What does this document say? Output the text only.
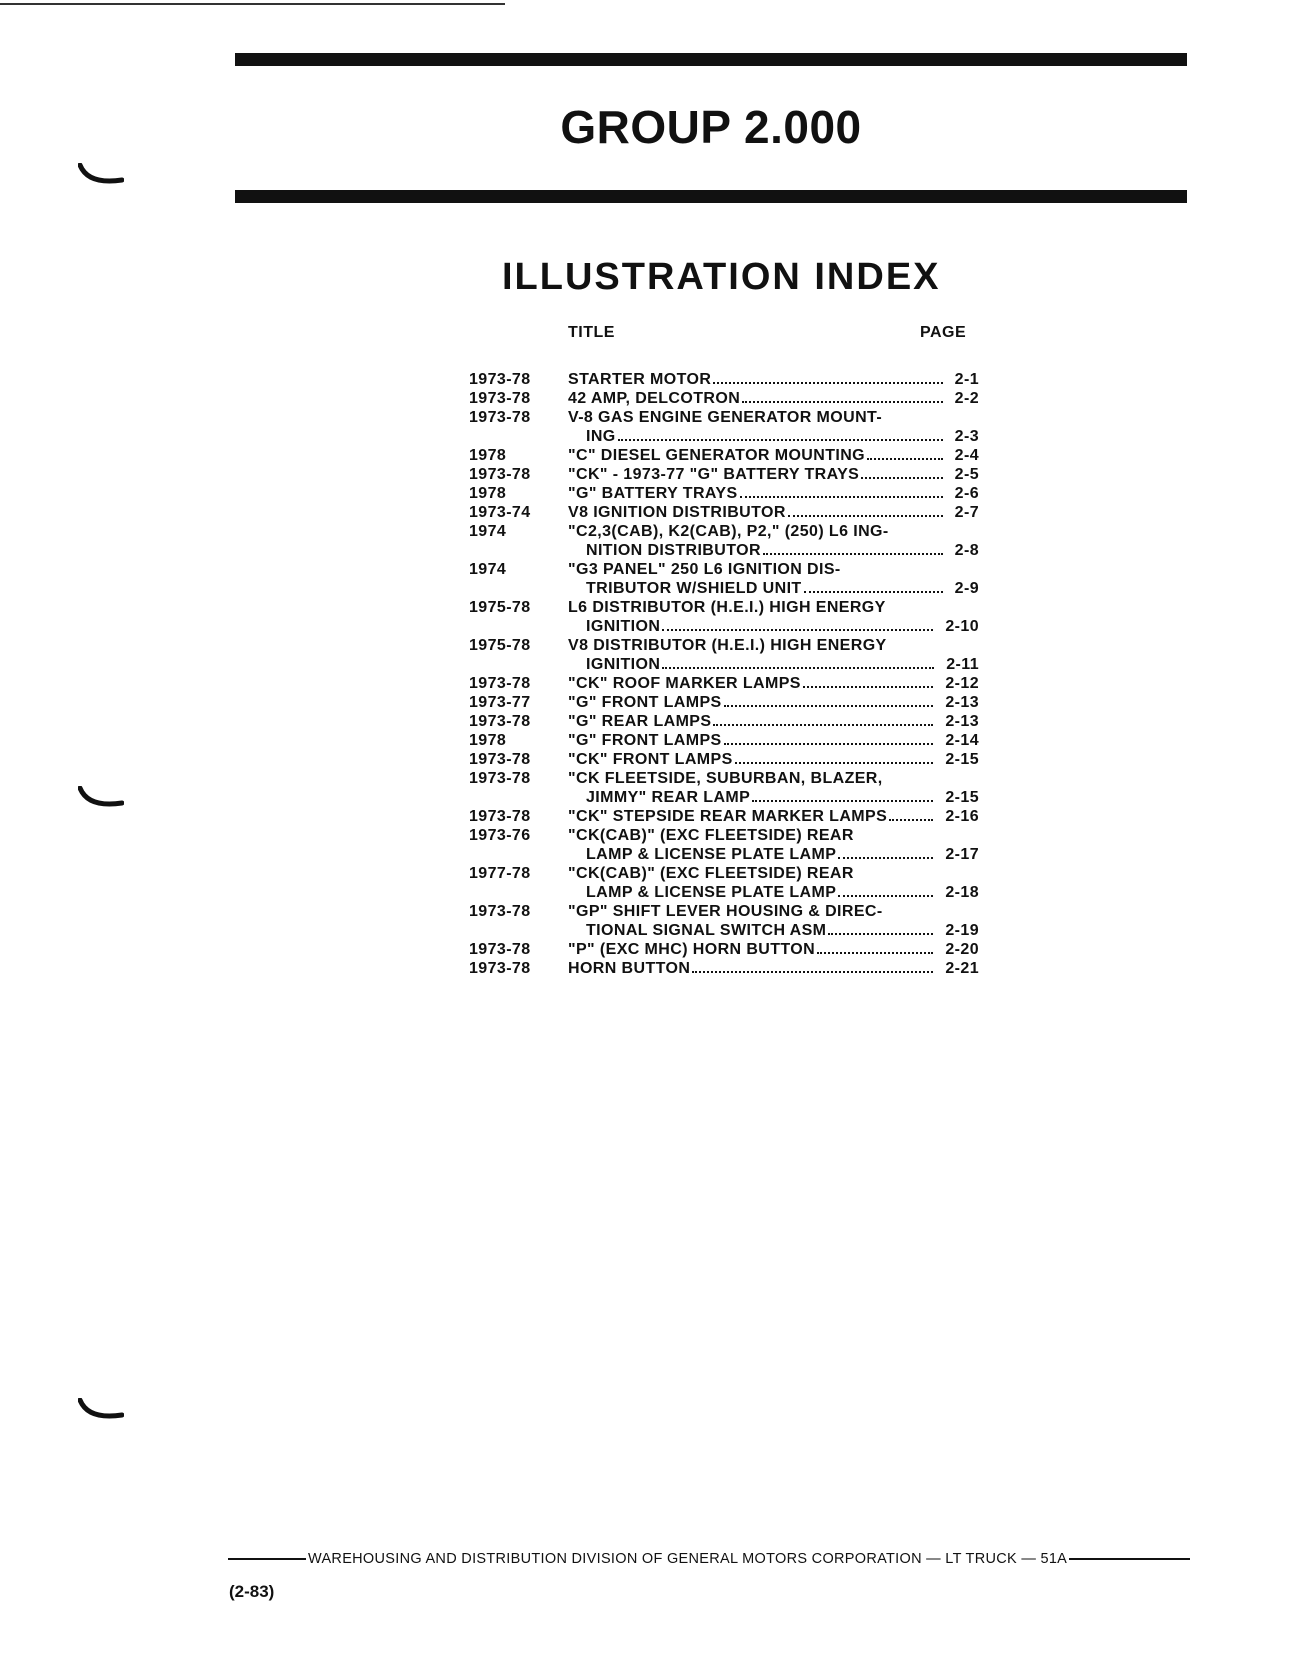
GROUP 2.000
ILLUSTRATION INDEX
TITLE	PAGE
1973-78 STARTER MOTOR	2-1
1973-78 42 AMP, DELCOTRON	2-2
1973-78 V-8 GAS ENGINE GENERATOR MOUNT-
ING	2-3
1978	"C" DIESEL GENERATOR MOUNTING	2-4
1973-78 "CK" - 1973-77 "G" BATTERY TRAYS	2-5
1978	"G" BATTERY TRAYS	2-6
1973-74 V8 IGNITION DISTRIBUTOR	2-7
1974	"C2,3(CAB), K2(CAB), P2," (250) L6 ING-
NITION DISTRIBUTOR	2-8
1974	"G3 PANEL" 250 L6 IGNITION DIS-
TRIBUTOR W/SHIELD UNIT	2-9
1975-78 L6 DISTRIBUTOR (H.E.I.) HIGH ENERGY
IGNITION	2-10
1975-78 V8 DISTRIBUTOR (H.E.I.) HIGH ENERGY
IGNITION	2-11
1973-78 "CK" ROOF MARKER LAMPS	2-12
1973-77 "G" FRONT LAMPS	2-13
1973-78 "G" REAR LAMPS	2-13
1978	"G" FRONT LAMPS	2-14
1973-78 "CK" FRONT LAMPS	2-15
1973-78 "CK FLEETSIDE, SUBURBAN, BLAZER,
JIMMY" REAR LAMP	2-15
1973-78 "CK" STEPSIDE REAR MARKER LAMPS	2-16
1973-76 "CK(CAB)" (EXC FLEETSIDE) REAR
LAMP & LICENSE PLATE LAMP	2-17
1977-78 "CK(CAB)" (EXC FLEETSIDE) REAR
LAMP & LICENSE PLATE LAMP	2-18
1973-78 "GP" SHIFT LEVER HOUSING & DIREC-
TIONAL SIGNAL SWITCH ASM	2-19
1973-78 "P" (EXC MHC) HORN BUTTON	2-20
1973-78 HORN BUTTON	2-21
WAREHOUSING AND DISTRIBUTION DIVISION OF GENERAL MOTORS CORPORATION — LT TRUCK — 51A
(2-83)
